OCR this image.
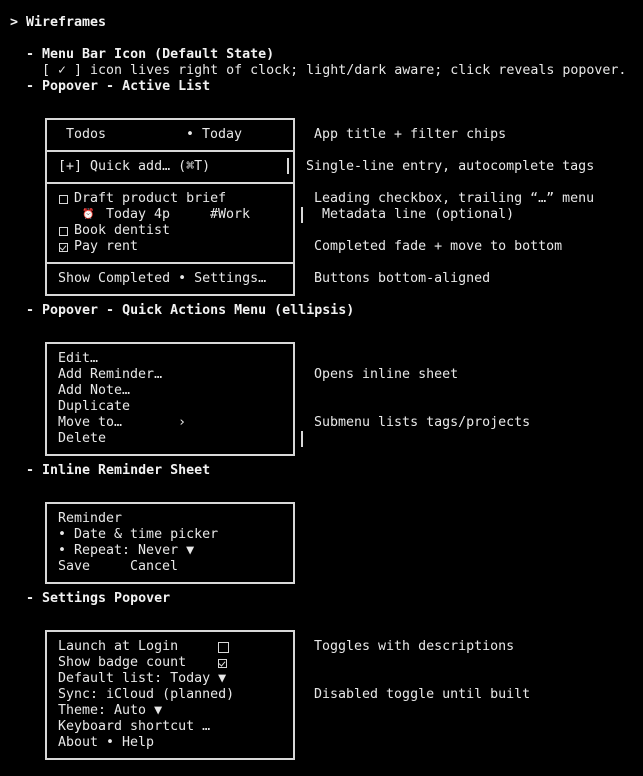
> Wireframes
- Menu Bar Icon (Default State)
[ ✓ ] icon lives right of clock; light/dark aware; click reveals popover.
- Popover - Active List
Todos	• Today
[+] Quick add… (⌘T)
Draft product brief
⏰ Today 4p	#Work
Book dentist
Pay rent
Show Completed • Settings…
App title + filter chips
Single-line entry, autocomplete tags
Leading checkbox, trailing “…” menu
Metadata line (optional)
Completed fade + move to bottom
Buttons bottom-aligned
- Popover - Quick Actions Menu (ellipsis)
Edit…
Add Reminder…
Add Note…
Duplicate
Move to…	›
Delete
Opens inline sheet
Submenu lists tags/projects
- Inline Reminder Sheet
Reminder
• Date & time picker
• Repeat: Never ▼
Save	Cancel
- Settings Popover
Launch at Login
Show badge count
Default list: Today ▼
Sync: iCloud (planned)
Theme: Auto ▼
Keyboard shortcut …
About • Help
Toggles with descriptions
Disabled toggle until built
